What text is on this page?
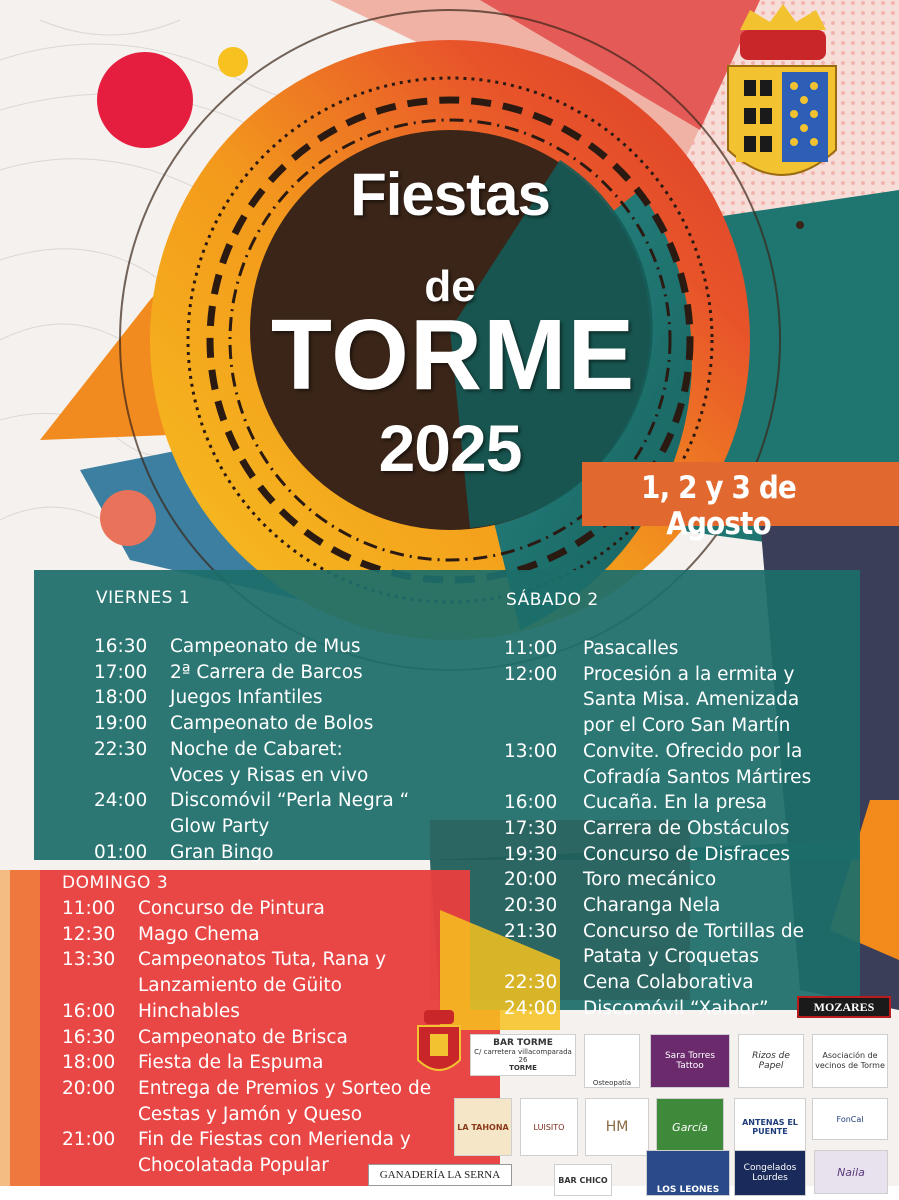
Fiestas
de
TORME
2025
1, 2 y 3 de Agosto
VIERNES 1	SÁBADO 2
DOMINGO 3
16:30	Campeonato de Mus
17:00	2ª Carrera de Barcos
18:00	Juegos Infantiles
19:00	Campeonato de Bolos
22:30	Noche de Cabaret:
Voces y Risas en vivo
24:00	Discomóvil “Perla Negra “
Glow Party
01:00	Gran Bingo
11:00	Pasacalles
12:00	Procesión a la ermita y
Santa Misa. Amenizada
por el Coro San Martín
13:00	Convite. Ofrecido por la
Cofradía Santos Mártires
16:00	Cucaña. En la presa
17:30	Carrera de Obstáculos
19:30	Concurso de Disfraces
20:00	Toro mecánico
20:30	Charanga Nela
21:30	Concurso de Tortillas de
Patata y Croquetas
22:30	Cena Colaborativa
24:00	Discomóvil “Xaibor”
11:00	Concurso de Pintura
12:30	Mago Chema
13:30	Campeonatos Tuta, Rana y
Lanzamiento de Güito
16:00	Hinchables
16:30	Campeonato de Brisca
18:00	Fiesta de la Espuma
20:00	Entrega de Premios y Sorteo de
Cestas y Jamón y Queso
21:00	Fin de Fiestas con Merienda y
Chocolatada Popular
MOZARES
BAR TORME
C/ carretera villacomparada 26
TORME
Osteopatía
Sara Torres Tattoo
Rizos de Papel
Asociación de vecinos de Torme
LA TAHONA	LUISITO	HM	García	ANTENAS EL PUENTE
FonCal
GANADERÍA LA SERNA	BAR CHICO
LOS LEONES
Congelados Lourdes	Naila
